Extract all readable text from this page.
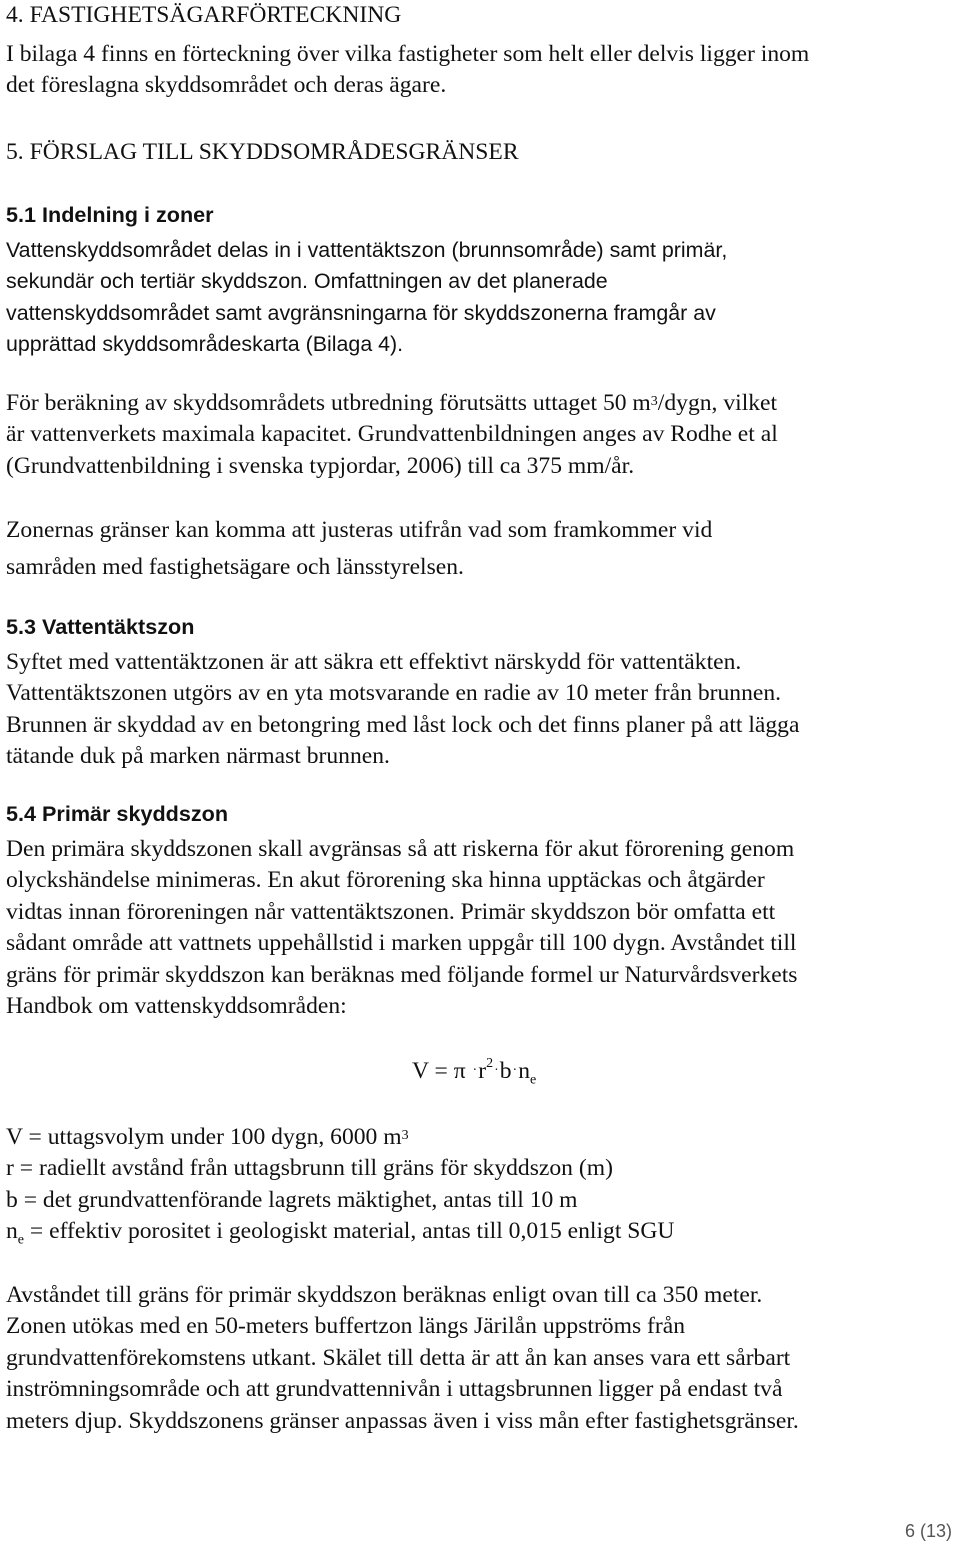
4. FASTIGHETSÄGARFÖRTECKNING
I bilaga 4 finns en förteckning över vilka fastigheter som helt eller delvis ligger inom
det föreslagna skyddsområdet och deras ägare.
5. FÖRSLAG TILL SKYDDSOMRÅDESGRÄNSER
5.1 Indelning i zoner
Vattenskyddsområdet delas in i vattentäktszon (brunnsområde) samt primär,
sekundär och tertiär skyddszon. Omfattningen av det planerade
vattenskyddsområdet samt avgränsningarna för skyddszonerna framgår av
upprättad skyddsområdeskarta (Bilaga 4).
För beräkning av skyddsområdets utbredning förutsätts uttaget 50 $m^3$/dygn, vilket
är vattenverkets maximala kapacitet. Grundvattenbildningen anges av Rodhe et al
(Grundvattenbildning i svenska typjordar, 2006) till ca 375 mm/år.
Zonernas gränser kan komma att justeras utifrån vad som framkommer vid
samråden med fastighetsägare och länsstyrelsen.
5.3 Vattentäktszon
Syftet med vattentäktzonen är att säkra ett effektivt närskydd för vattentäkten.
Vattentäktszonen utgörs av en yta motsvarande en radie av 10 meter från brunnen.
Brunnen är skyddad av en betongring med låst lock och det finns planer på att lägga
tätande duk på marken närmast brunnen.
5.4 Primär skyddszon
Den primära skyddszonen skall avgränsas så att riskerna för akut förorening genom
olyckshändelse minimeras. En akut förorening ska hinna upptäckas och åtgärder
vidtas innan föroreningen når vattentäktszonen. Primär skyddszon bör omfatta ett
sådant område att vattnets uppehållstid i marken uppgår till 100 dygn. Avståndet till
gräns för primär skyddszon kan beräknas med följande formel ur Naturvårdsverkets
Handbok om vattenskyddsområden:
$V = \pi \cdot r^2\cdot b\cdot n_e$
V = uttagsvolym under 100 dygn, 6000 $m^3$
r = radiellt avstånd från uttagsbrunn till gräns för skyddszon (m)
b = det grundvattenförande lagrets mäktighet, antas till 10 m
$n_e$ = effektiv porositet i geologiskt material, antas till 0,015 enligt SGU
Avståndet till gräns för primär skyddszon beräknas enligt ovan till ca 350 meter.
Zonen utökas med en 50-meters buffertzon längs Järilån uppströms från
grundvattenförekomstens utkant. Skälet till detta är att ån kan anses vara ett sårbart
inströmningsområde och att grundvattennivån i uttagsbrunnen ligger på endast två
meters djup. Skyddszonens gränser anpassas även i viss mån efter fastighetsgränser.
6 (13)
